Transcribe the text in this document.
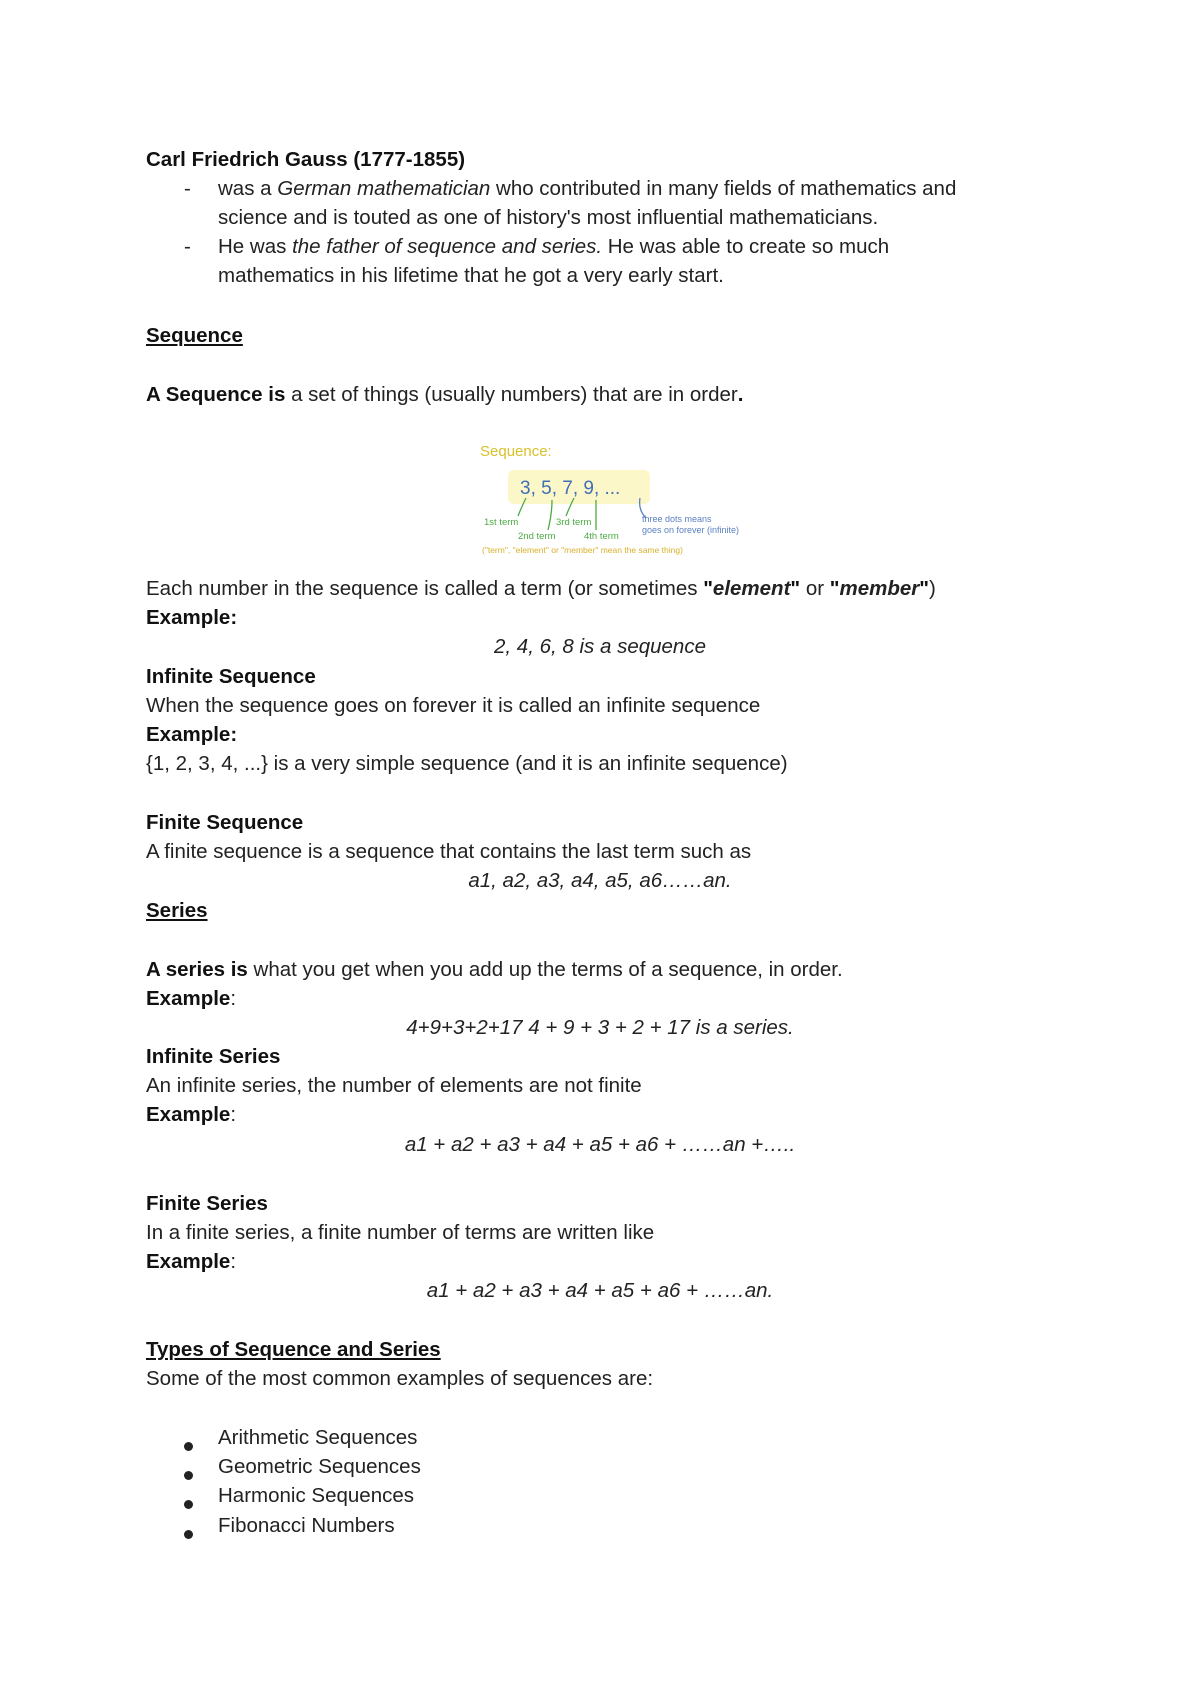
Carl Friedrich Gauss (1777-1855)
- was a German mathematician who contributed in many fields of mathematics and
science and is touted as one of history's most influential mathematicians.
- He was the father of sequence and series. He was able to create so much
mathematics in his lifetime that he got a very early start.
Sequence
A Sequence is a set of things (usually numbers) that are in order.
Sequence:
3, 5, 7, 9, ...
1st term
2nd term
3rd term
4th term
three dots means
goes on forever (infinite)
("term", "element" or "member" mean the same thing)
Each number in the sequence is called a term (or sometimes "element" or "member")
Example:
2, 4, 6, 8 is a sequence
Infinite Sequence
When the sequence goes on forever it is called an infinite sequence
Example:
{1, 2, 3, 4, ...} is a very simple sequence (and it is an infinite sequence)
Finite Sequence
A finite sequence is a sequence that contains the last term such as
a1, a2, a3, a4, a5, a6……an.
Series
A series is what you get when you add up the terms of a sequence, in order.
Example:
4+9+3+2+17 4 + 9 + 3 + 2 + 17 is a series.
Infinite Series
An infinite series, the number of elements are not finite
Example:
a1 + a2 + a3 + a4 + a5 + a6 + ……an +…..
Finite Series
In a finite series, a finite number of terms are written like
Example:
a1 + a2 + a3 + a4 + a5 + a6 + ……an.
Types of Sequence and Series
Some of the most common examples of sequences are:
Arithmetic Sequences
Geometric Sequences
Harmonic Sequences
Fibonacci Numbers
